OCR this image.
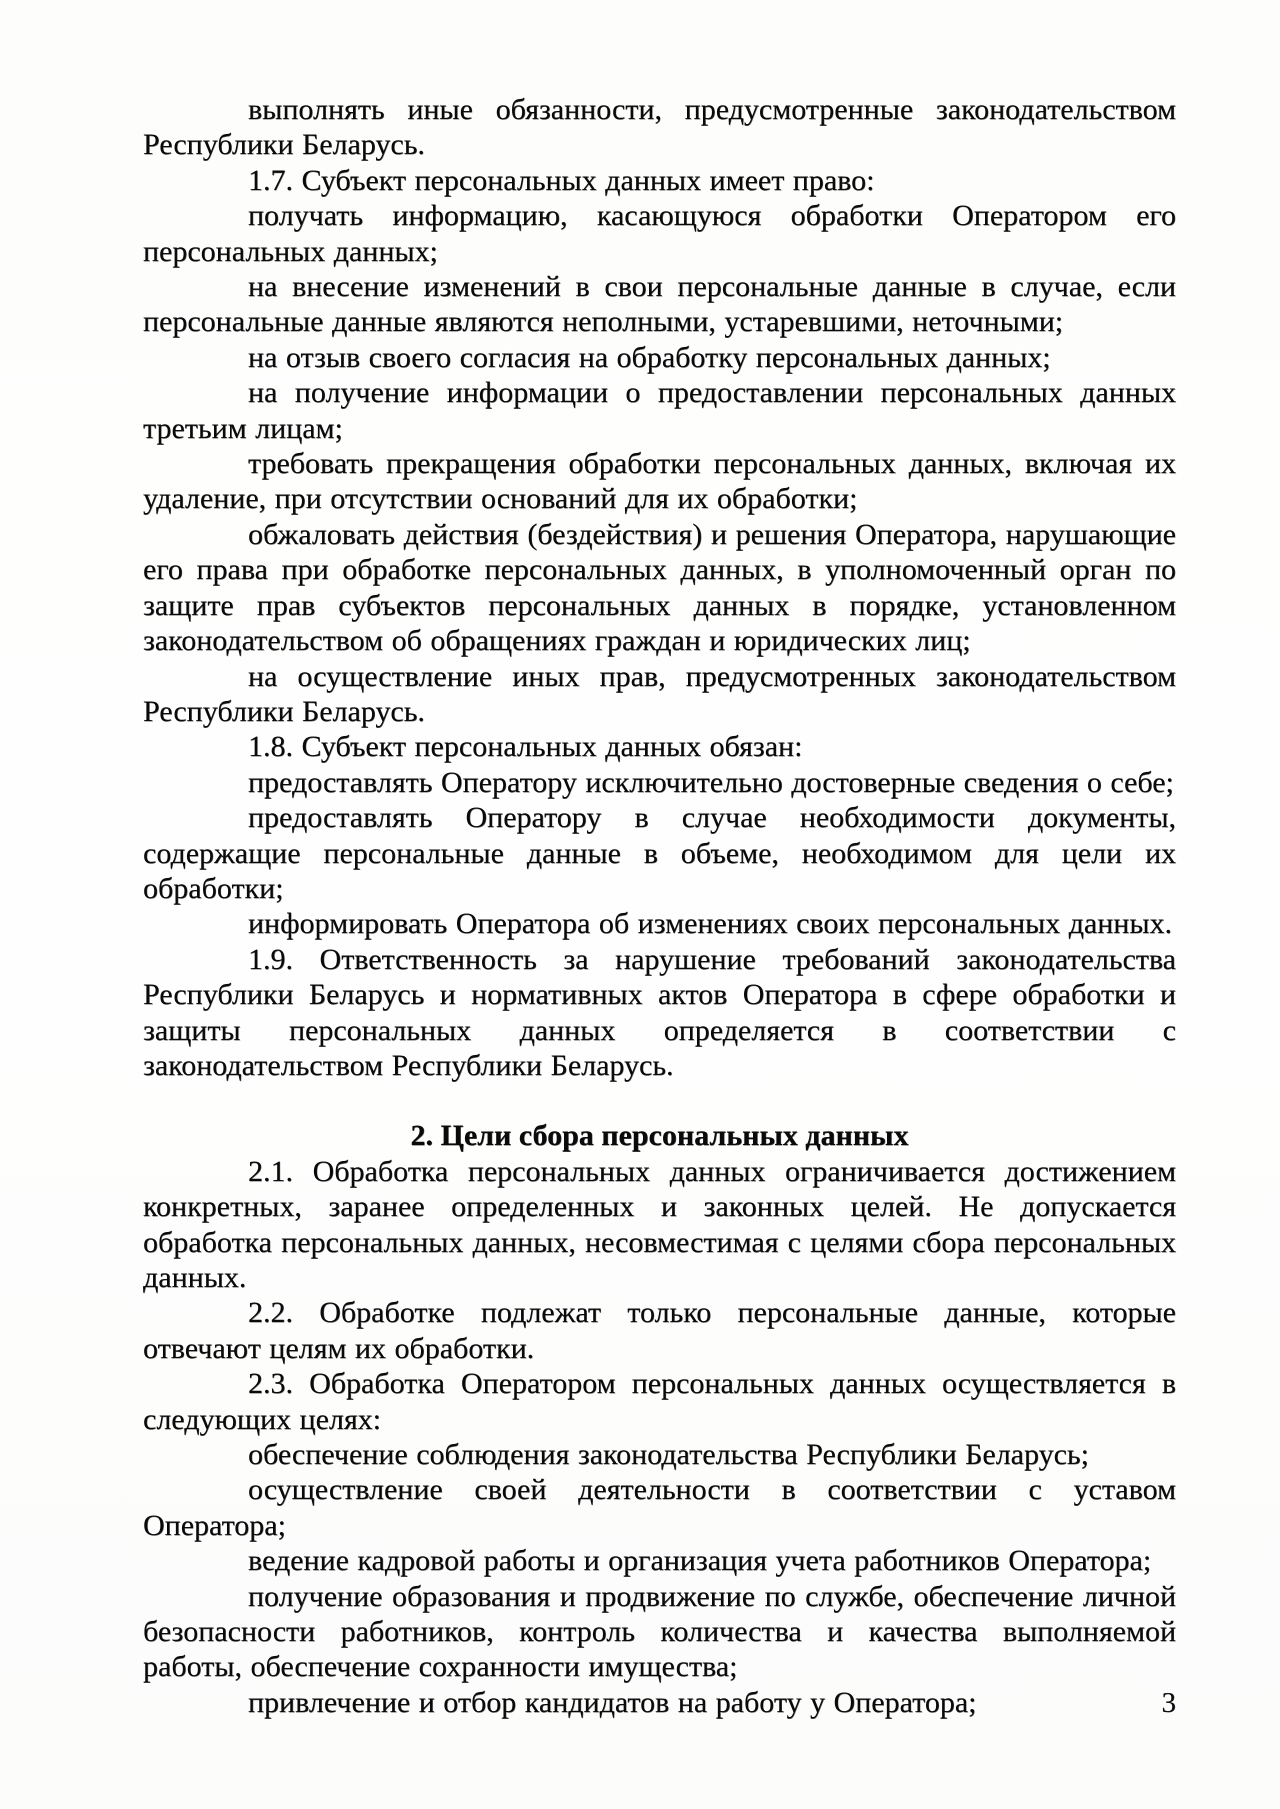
выполнять иные обязанности, предусмотренные законодательством Республики Беларусь.

1.7. Субъект персональных данных имеет право:

получать информацию, касающуюся обработки Оператором его персональных данных;

на внесение изменений в свои персональные данные в случае, если персональные данные являются неполными, устаревшими, неточными;

на отзыв своего согласия на обработку персональных данных;

на получение информации о предоставлении персональных данных третьим лицам;

требовать прекращения обработки персональных данных, включая их удаление, при отсутствии оснований для их обработки;

обжаловать действия (бездействия) и решения Оператора, нарушающие его права при обработке персональных данных, в уполномоченный орган по защите прав субъектов персональных данных в порядке, установленном законодательством об обращениях граждан и юридических лиц;

на осуществление иных прав, предусмотренных законодательством Республики Беларусь.

1.8. Субъект персональных данных обязан:

предоставлять Оператору исключительно достоверные сведения о себе;

предоставлять Оператору в случае необходимости документы, содержащие персональные данные в объеме, необходимом для цели их обработки;

информировать Оператора об изменениях своих персональных данных.

1.9. Ответственность за нарушение требований законодательства Республики Беларусь и нормативных актов Оператора в сфере обработки и защиты персональных данных определяется в соответствии с законодательством Республики Беларусь.

2. Цели сбора персональных данных

2.1. Обработка персональных данных ограничивается достижением конкретных, заранее определенных и законных целей. Не допускается обработка персональных данных, несовместимая с целями сбора персональных данных.

2.2. Обработке подлежат только персональные данные, которые отвечают целям их обработки.

2.3. Обработка Оператором персональных данных осуществляется в следующих целях:

обеспечение соблюдения законодательства Республики Беларусь;

осуществление своей деятельности в соответствии с уставом Оператора;

ведение кадровой работы и организация учета работников Оператора;

получение образования и продвижение по службе, обеспечение личной безопасности работников, контроль количества и качества выполняемой работы, обеспечение сохранности имущества;

привлечение и отбор кандидатов на работу у Оператора;	3
